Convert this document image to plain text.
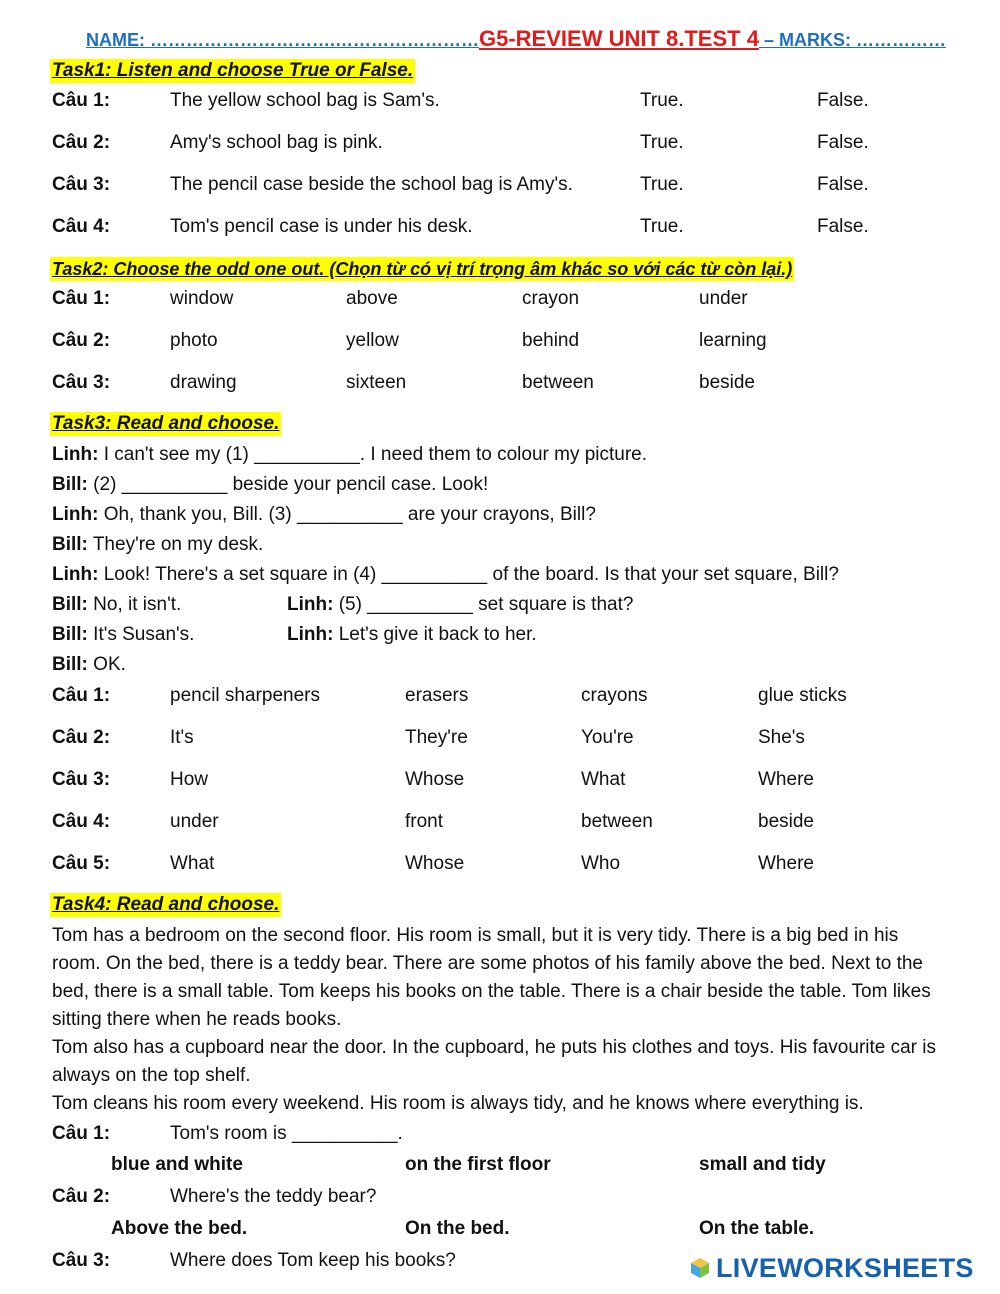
NAME: ………………………….……………………G5-REVIEW UNIT 8.TEST 4 – MARKS: ……………
Task1: Listen and choose True or False.
Câu 1:	The yellow school bag is Sam's.	True.	False.
Câu 2:	Amy's school bag is pink.	True.	False.
Câu 3:	The pencil case beside the school bag is Amy's.	True.	False.
Câu 4:	Tom's pencil case is under his desk.	True.	False.
Task2: Choose the odd one out. (Chọn từ có vị trí trọng âm khác so với các từ còn lại.)
Câu 1:	window	above	crayon	under
Câu 2:	photo	yellow	behind	learning
Câu 3:	drawing	sixteen	between	beside
Task3: Read and choose.
Linh: I can't see my (1) __________. I need them to colour my picture.
Bill: (2) __________ beside your pencil case. Look!
Linh: Oh, thank you, Bill. (3) __________ are your crayons, Bill?
Bill: They're on my desk.
Linh: Look! There's a set square in (4) __________ of the board. Is that your set square, Bill?
Bill: No, it isn't.	Linh: (5) __________ set square is that?
Bill: It's Susan's.	Linh: Let's give it back to her.
Bill: OK.
Câu 1:	pencil sharpeners	erasers	crayons	glue sticks
Câu 2:	It's	They're	You're	She's
Câu 3:	How	Whose	What	Where
Câu 4:	under	front	between	beside
Câu 5:	What	Whose	Who	Where
Task4: Read and choose.
Tom has a bedroom on the second floor. His room is small, but it is very tidy. There is a big bed in his room. On the bed, there is a teddy bear. There are some photos of his family above the bed. Next to the bed, there is a small table. Tom keeps his books on the table. There is a chair beside the table. Tom likes sitting there when he reads books.
Tom also has a cupboard near the door. In the cupboard, he puts his clothes and toys. His favourite car is always on the top shelf.
Tom cleans his room every weekend. His room is always tidy, and he knows where everything is.
Câu 1:	Tom's room is __________.
blue and white	on the first floor	small and tidy
Câu 2:	Where's the teddy bear?
Above the bed.	On the bed.	On the table.
Câu 3:	Where does Tom keep his books?	LIVEWORKSHEETS
